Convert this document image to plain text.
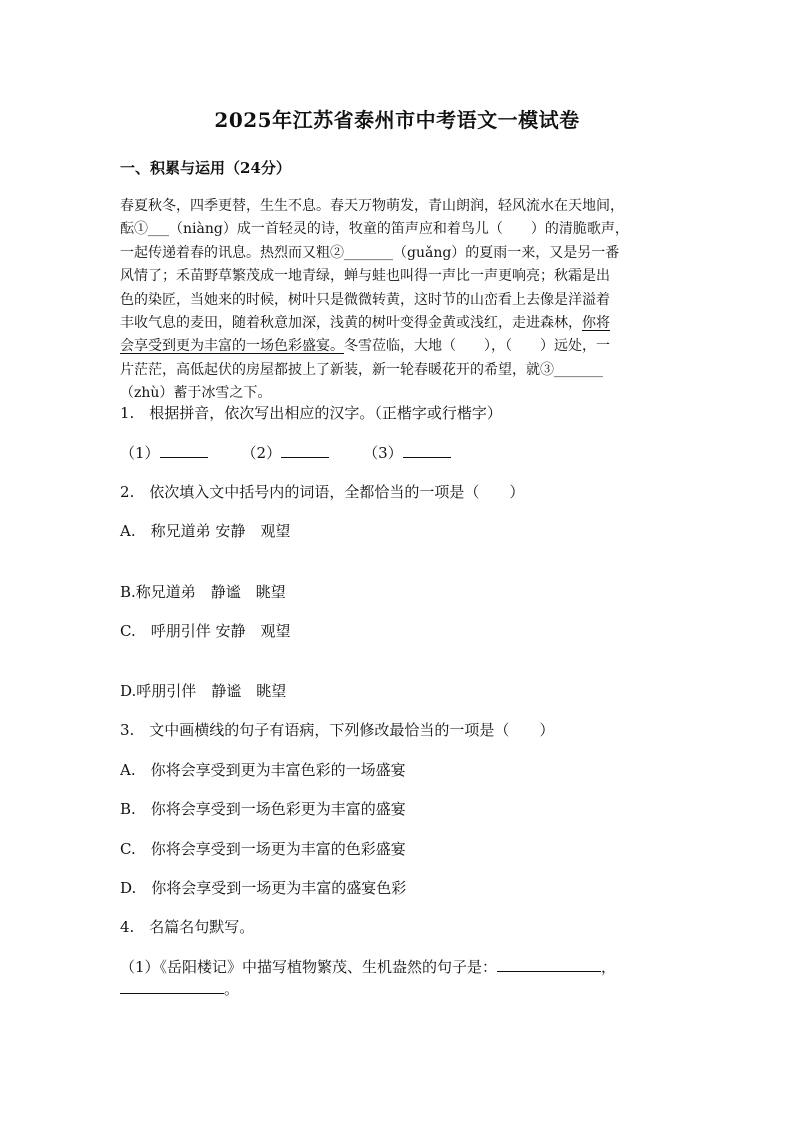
2025年江苏省泰州市中考语文一模试卷
一、积累与运用（24分）
春夏秋冬，四季更替，生生不息。春天万物萌发，青山朗润，轻风流水在天地间，
酝①___（niàng）成一首轻灵的诗，牧童的笛声应和着鸟儿（　　）的清脆歌声，
一起传递着春的讯息。热烈而又粗②_______（guǎng）的夏雨一来，又是另一番
风情了；禾苗野草繁茂成一地青绿，蝉与蛙也叫得一声比一声更响亮；秋霜是出
色的染匠，当她来的时候，树叶只是微微转黄，这时节的山峦看上去像是洋溢着
丰收气息的麦田，随着秋意加深，浅黄的树叶变得金黄或浅红，走进森林，你将
会享受到更为丰富的一场色彩盛宴。冬雪莅临，大地（　　），（　　）远处，一
片茫茫，高低起伏的房屋都披上了新装，新一轮春暖花开的希望，就③_______
（zhù）蓄于冰雪之下。
1.　根据拼音，依次写出相应的汉字。（正楷字或行楷字）
（1）	（2）	（3）
2.　依次填入文中括号内的词语，全都恰当的一项是（　　）
A.　称兄道弟 安静　观望
B.称兄道弟　静谧　眺望
C.　呼朋引伴 安静　观望
D.呼朋引伴　静谧　眺望
3.　文中画横线的句子有语病，下列修改最恰当的一项是（　　）
A.　你将会享受到更为丰富色彩的一场盛宴
B.　你将会享受到一场色彩更为丰富的盛宴
C.　你将会享受到一场更为丰富的色彩盛宴
D.　你将会享受到一场更为丰富的盛宴色彩
4.　名篇名句默写。
（1）《岳阳楼记》中描写植物繁茂、生机盎然的句子是：	，
。
